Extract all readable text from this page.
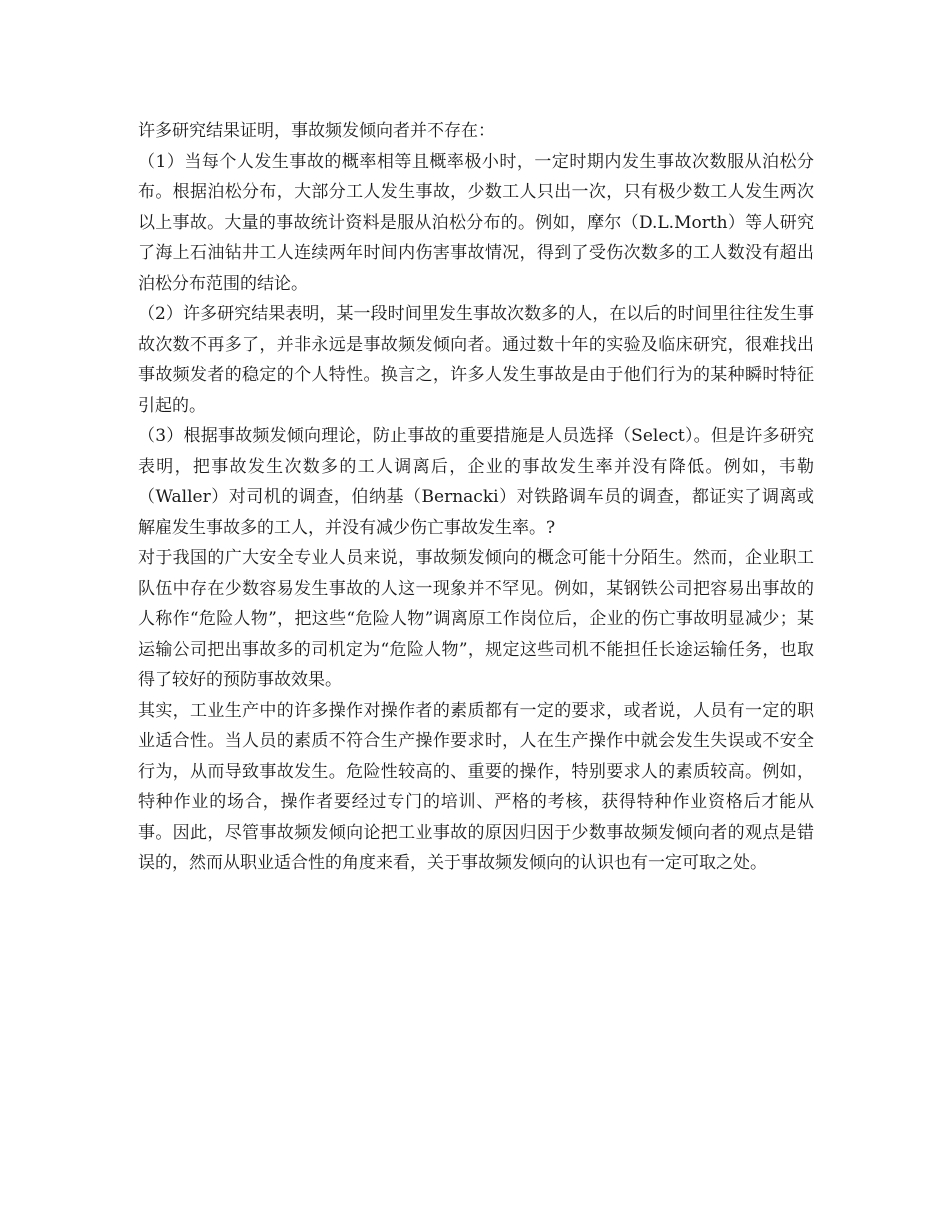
许多研究结果证明，事故频发倾向者并不存在：

（1）当每个人发生事故的概率相等且概率极小时，一定时期内发生事故次数服从泊松分布。根据泊松分布，大部分工人发生事故，少数工人只出一次，只有极少数工人发生两次以上事故。大量的事故统计资料是服从泊松分布的。例如，摩尔（D.L.Morth）等人研究了海上石油钻井工人连续两年时间内伤害事故情况，得到了受伤次数多的工人数没有超出泊松分布范围的结论。

（2）许多研究结果表明，某一段时间里发生事故次数多的人，在以后的时间里往往发生事故次数不再多了，并非永远是事故频发倾向者。通过数十年的实验及临床研究，很难找出事故频发者的稳定的个人特性。换言之，许多人发生事故是由于他们行为的某种瞬时特征引起的。

（3）根据事故频发倾向理论，防止事故的重要措施是人员选择（Select）。但是许多研究表明，把事故发生次数多的工人调离后，企业的事故发生率并没有降低。例如，韦勒（Waller）对司机的调查，伯纳基（Bernacki）对铁路调车员的调查，都证实了调离或解雇发生事故多的工人，并没有减少伤亡事故发生率。?

对于我国的广大安全专业人员来说，事故频发倾向的概念可能十分陌生。然而，企业职工队伍中存在少数容易发生事故的人这一现象并不罕见。例如，某钢铁公司把容易出事故的人称作“危险人物”，把这些“危险人物”调离原工作岗位后，企业的伤亡事故明显减少；某运输公司把出事故多的司机定为“危险人物”，规定这些司机不能担任长途运输任务，也取得了较好的预防事故效果。

其实，工业生产中的许多操作对操作者的素质都有一定的要求，或者说，人员有一定的职业适合性。当人员的素质不符合生产操作要求时，人在生产操作中就会发生失误或不安全行为，从而导致事故发生。危险性较高的、重要的操作，特别要求人的素质较高。例如，特种作业的场合，操作者要经过专门的培训、严格的考核，获得特种作业资格后才能从事。因此，尽管事故频发倾向论把工业事故的原因归因于少数事故频发倾向者的观点是错误的，然而从职业适合性的角度来看，关于事故频发倾向的认识也有一定可取之处。
